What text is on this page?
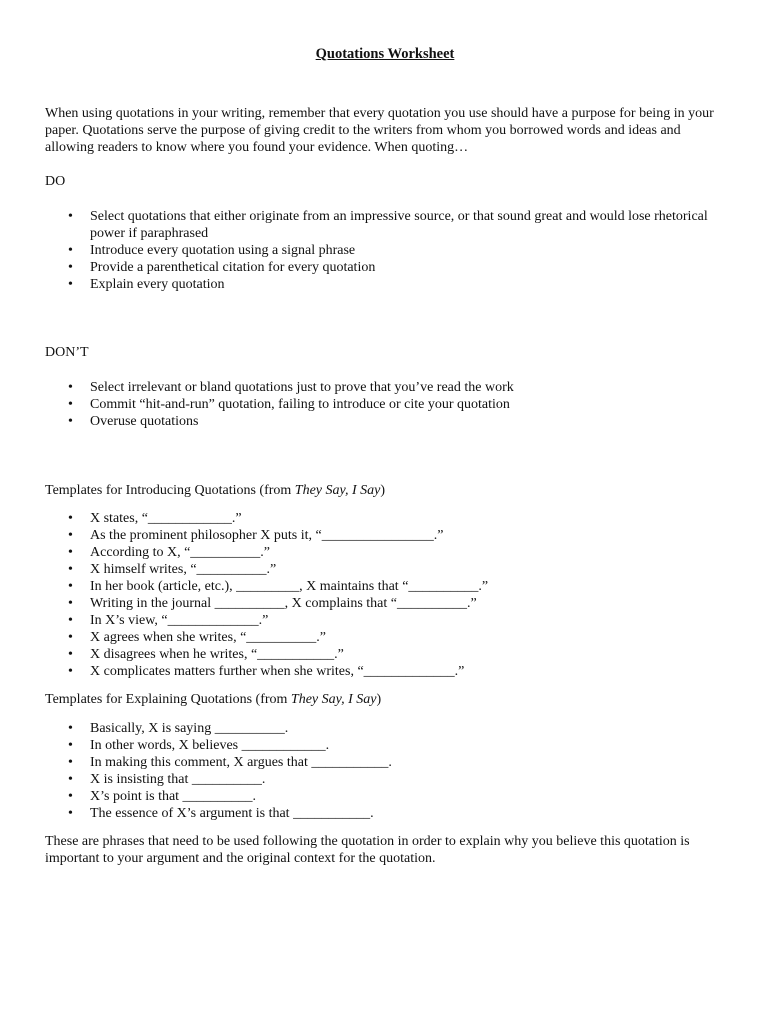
Quotations Worksheet

When using quotations in your writing, remember that every quotation you use should have a purpose for being in your paper. Quotations serve the purpose of giving credit to the writers from whom you borrowed words and ideas and allowing readers to know where you found your evidence. When quoting…

DO

• Select quotations that either originate from an impressive source, or that sound great and would lose rhetorical power if paraphrased
• Introduce every quotation using a signal phrase
• Provide a parenthetical citation for every quotation
• Explain every quotation

DON’T

• Select irrelevant or bland quotations just to prove that you’ve read the work
• Commit “hit-and-run” quotation, failing to introduce or cite your quotation
• Overuse quotations

Templates for Introducing Quotations (from They Say, I Say)

• X states, “____________.”
• As the prominent philosopher X puts it, “________________.”
• According to X, “__________.”
• X himself writes, “__________.”
• In her book (article, etc.), _________, X maintains that “__________.”
• Writing in the journal __________, X complains that “__________.”
• In X’s view, “_____________.”
• X agrees when she writes, “__________.”
• X disagrees when he writes, “___________.”
• X complicates matters further when she writes, “_____________.”

Templates for Explaining Quotations (from They Say, I Say)

• Basically, X is saying __________.
• In other words, X believes ____________.
• In making this comment, X argues that ___________.
• X is insisting that __________.
• X’s point is that __________.
• The essence of X’s argument is that ___________.

These are phrases that need to be used following the quotation in order to explain why you believe this quotation is important to your argument and the original context for the quotation.
